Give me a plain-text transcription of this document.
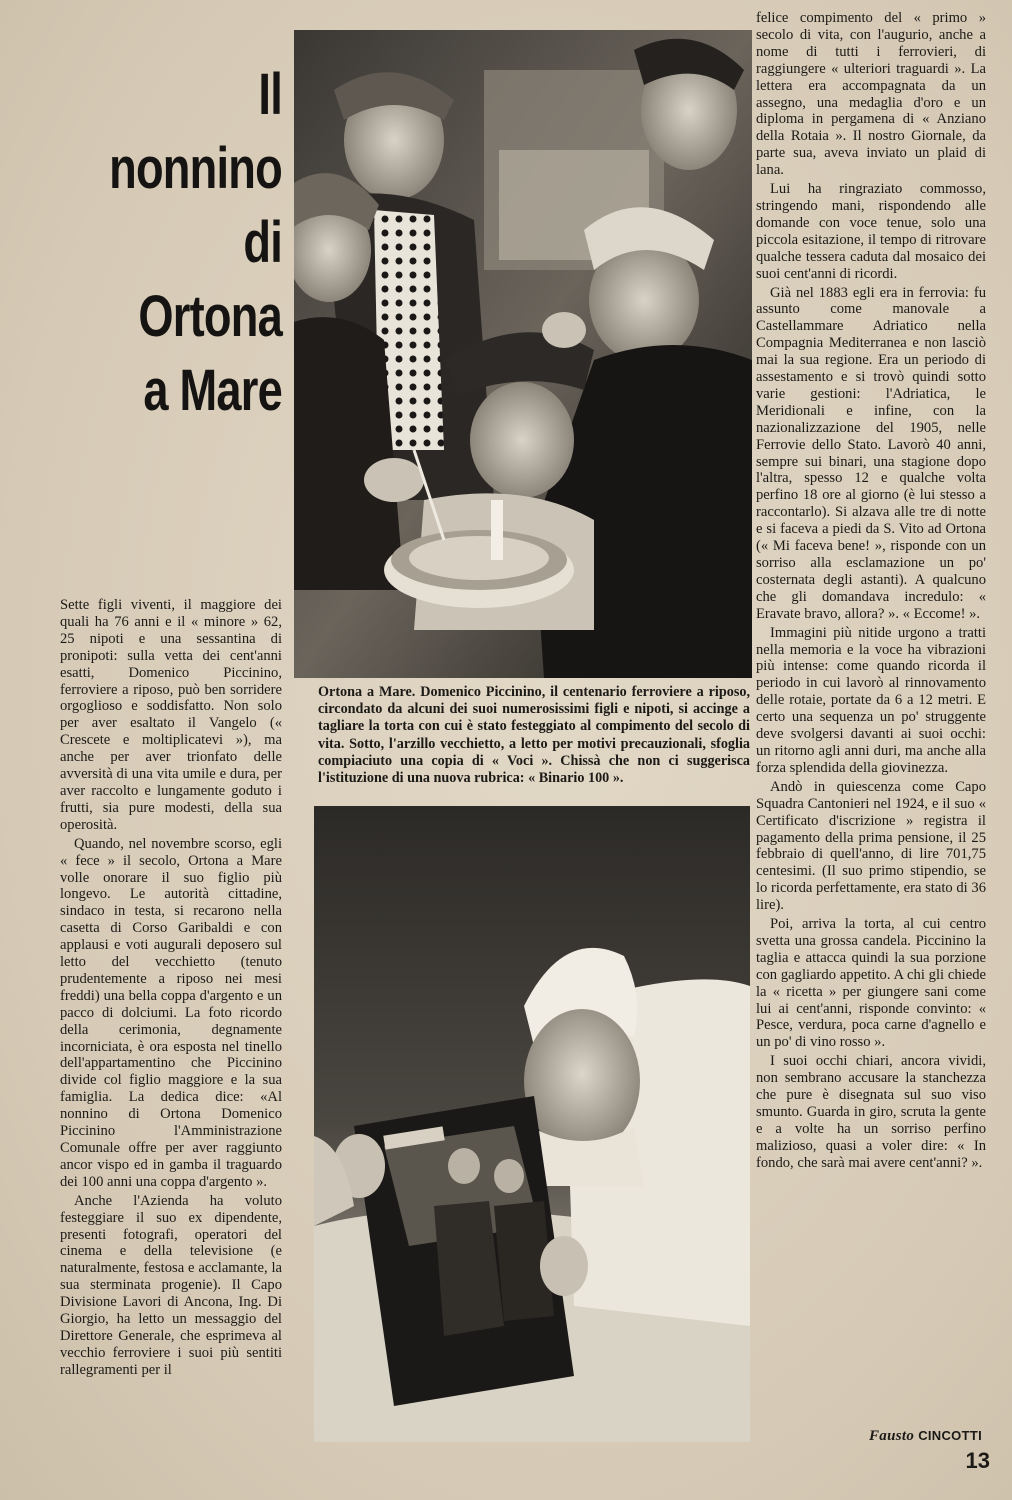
Il
nonnino
di
Ortona
a Mare
Ortona a Mare. Domenico Piccinino, il centenario ferroviere a riposo, circondato da alcuni dei suoi numerosissimi figli e nipoti, si accinge a tagliare la torta con cui è stato festeggiato al compimento del secolo di vita. Sotto, l'arzillo vecchietto, a letto per motivi precauzionali, sfoglia compiaciuto una copia di « Voci ». Chissà che non ci suggerisca l'istituzione di una nuova rubrica: « Binario 100 ».

Sette figli viventi, il maggiore dei quali ha 76 anni e il « minore » 62, 25 nipoti e una sessantina di pronipoti: sulla vetta dei cent'anni esatti, Domenico Piccinino, ferroviere a riposo, può ben sorridere orgoglioso e soddisfatto. Non solo per aver esaltato il Vangelo (« Crescete e moltiplicatevi »), ma anche per aver trionfato delle avversità di una vita umile e dura, per aver raccolto e lungamente goduto i frutti, sia pure modesti, della sua operosità.

Quando, nel novembre scorso, egli « fece » il secolo, Ortona a Mare volle onorare il suo figlio più longevo. Le autorità cittadine, sindaco in testa, si recarono nella casetta di Corso Garibaldi e con applausi e voti augurali deposero sul letto del vecchietto (tenuto prudentemente a riposo nei mesi freddi) una bella coppa d'argento e un pacco di dolciumi. La foto ricordo della cerimonia, degnamente incorniciata, è ora esposta nel tinello dell'appartamentino che Piccinino divide col figlio maggiore e la sua famiglia. La dedica dice: «Al nonnino di Ortona Domenico Piccinino l'Amministrazione Comunale offre per aver raggiunto ancor vispo ed in gamba il traguardo dei 100 anni una coppa d'argento ».

Anche l'Azienda ha voluto festeggiare il suo ex dipendente, presenti fotografi, operatori del cinema e della televisione (e naturalmente, festosa e acclamante, la sua sterminata progenie). Il Capo Divisione Lavori di Ancona, Ing. Di Giorgio, ha letto un messaggio del Direttore Generale, che esprimeva al vecchio ferroviere i suoi più sentiti rallegramenti per il

felice compimento del « primo » secolo di vita, con l'augurio, anche a nome di tutti i ferrovieri, di raggiungere « ulteriori traguardi ». La lettera era accompagnata da un assegno, una medaglia d'oro e un diploma in pergamena di « Anziano della Rotaia ». Il nostro Giornale, da parte sua, aveva inviato un plaid di lana.

Lui ha ringraziato commosso, stringendo mani, rispondendo alle domande con voce tenue, solo una piccola esitazione, il tempo di ritrovare qualche tessera caduta dal mosaico dei suoi cent'anni di ricordi.

Già nel 1883 egli era in ferrovia: fu assunto come manovale a Castellammare Adriatico nella Compagnia Mediterranea e non lasciò mai la sua regione. Era un periodo di assestamento e si trovò quindi sotto varie gestioni: l'Adriatica, le Meridionali e infine, con la nazionalizzazione del 1905, nelle Ferrovie dello Stato. Lavorò 40 anni, sempre sui binari, una stagione dopo l'altra, spesso 12 e qualche volta perfino 18 ore al giorno (è lui stesso a raccontarlo). Si alzava alle tre di notte e si faceva a piedi da S. Vito ad Ortona (« Mi faceva bene! », risponde con un sorriso alla esclamazione un po' costernata degli astanti). A qualcuno che gli domandava incredulo: « Eravate bravo, allora? ». « Eccome! ».

Immagini più nitide urgono a tratti nella memoria e la voce ha vibrazioni più intense: come quando ricorda il periodo in cui lavorò al rinnovamento delle rotaie, portate da 6 a 12 metri. E certo una sequenza un po' struggente deve svolgersi davanti ai suoi occhi: un ritorno agli anni duri, ma anche alla forza splendida della giovinezza.

Andò in quiescenza come Capo Squadra Cantonieri nel 1924, e il suo « Certificato d'iscrizione » registra il pagamento della prima pensione, il 25 febbraio di quell'anno, di lire 701,75 centesimi. (Il suo primo stipendio, se lo ricorda perfettamente, era stato di 36 lire).

Poi, arriva la torta, al cui centro svetta una grossa candela. Piccinino la taglia e attacca quindi la sua porzione con gagliardo appetito. A chi gli chiede la « ricetta » per giungere sani come lui ai cent'anni, risponde convinto: « Pesce, verdura, poca carne d'agnello e un po' di vino rosso ».

I suoi occhi chiari, ancora vividi, non sembrano accusare la stanchezza che pure è disegnata sul suo viso smunto. Guarda in giro, scruta la gente e a volte ha un sorriso perfino malizioso, quasi a voler dire: « In fondo, che sarà mai avere cent'anni? ».

Fausto CINCOTTI
13
